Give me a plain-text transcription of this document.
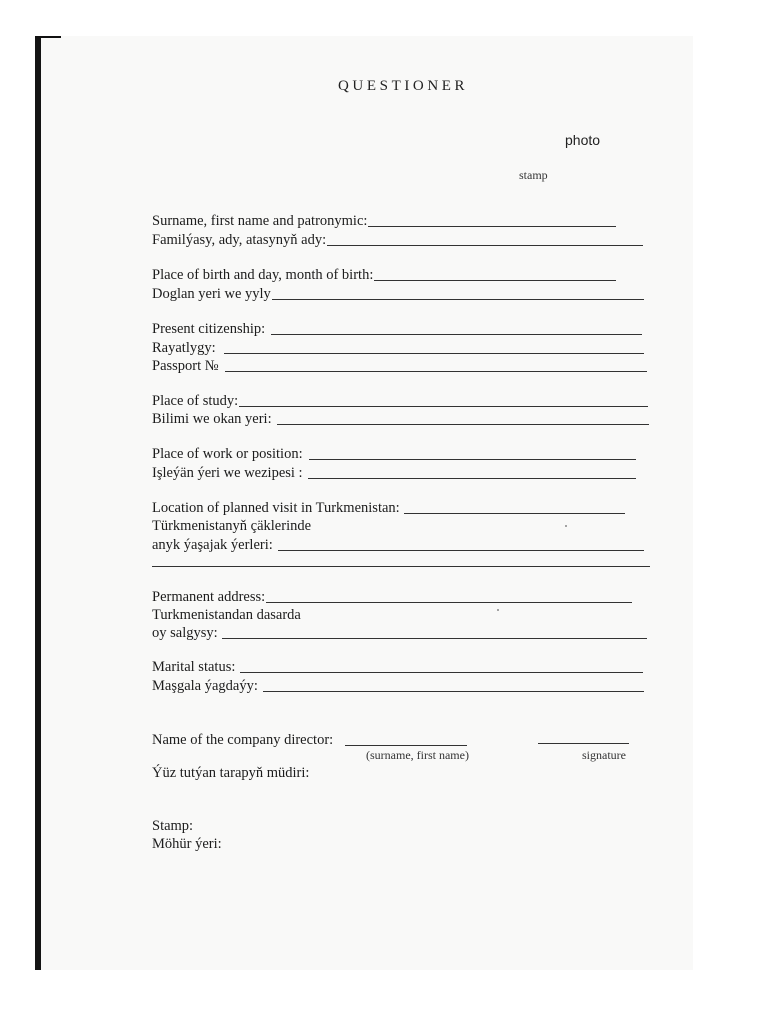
QUESTIONER
photo
stamp
Surname, first name and patronymic:
Familýasy, ady, atasynyň ady:
Place of birth and day, month of birth:
Doglan yeri we yyly
Present citizenship:
Rayatlygy:
Passport №
Place of study:
Bilimi we okan yeri:
Place of work or position:
Işleýän ýeri we wezipesi :
Location of planned visit in Turkmenistan:
Türkmenistanyň çäklerinde
anyk ýaşajak ýerleri:
Permanent address:
Turkmenistandan dasarda
oy salgysy:
Marital status:
Maşgala ýagdaýy:
Name of the company director:
(surname, first name)	signature
Ýüz tutýan tarapyň müdiri:
Stamp:
Möhür ýeri:
